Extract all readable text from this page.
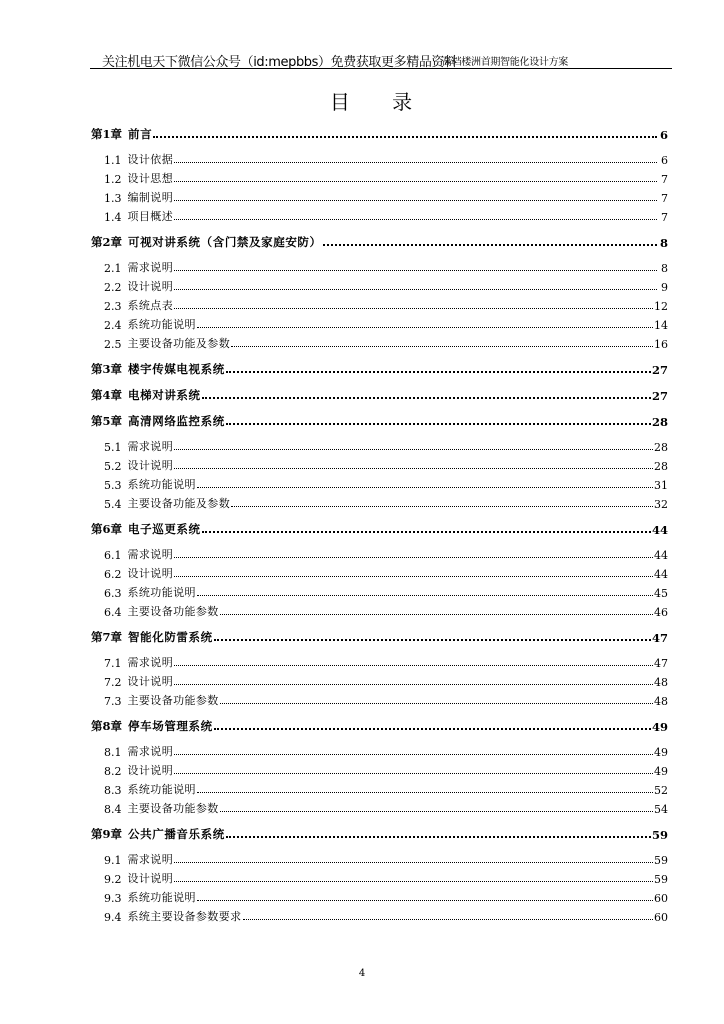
关注机电天下微信公众号（id:mepbbs）免费获取更多精品资料
高档楼洲首期智能化设计方案
目 录
第1章 前言	6
1.1 设计依据	6
1.2 设计思想	7
1.3 编制说明	7
1.4 项目概述	7
第2章 可视对讲系统（含门禁及家庭安防）	8
2.1 需求说明	8
2.2 设计说明	9
2.3 系统点表	12
2.4 系统功能说明	14
2.5 主要设备功能及参数	16
第3章 楼宇传媒电视系统	27
第4章 电梯对讲系统	27
第5章 高清网络监控系统	28
5.1 需求说明	28
5.2 设计说明	28
5.3 系统功能说明	31
5.4 主要设备功能及参数	32
第6章 电子巡更系统	44
6.1 需求说明	44
6.2 设计说明	44
6.3 系统功能说明	45
6.4 主要设备功能参数	46
第7章 智能化防雷系统	47
7.1 需求说明	47
7.2 设计说明	48
7.3 主要设备功能参数	48
第8章 停车场管理系统	49
8.1 需求说明	49
8.2 设计说明	49
8.3 系统功能说明	52
8.4 主要设备功能参数	54
第9章 公共广播音乐系统	59
9.1 需求说明	59
9.2 设计说明	59
9.3 系统功能说明	60
9.4 系统主要设备参数要求	60
4
